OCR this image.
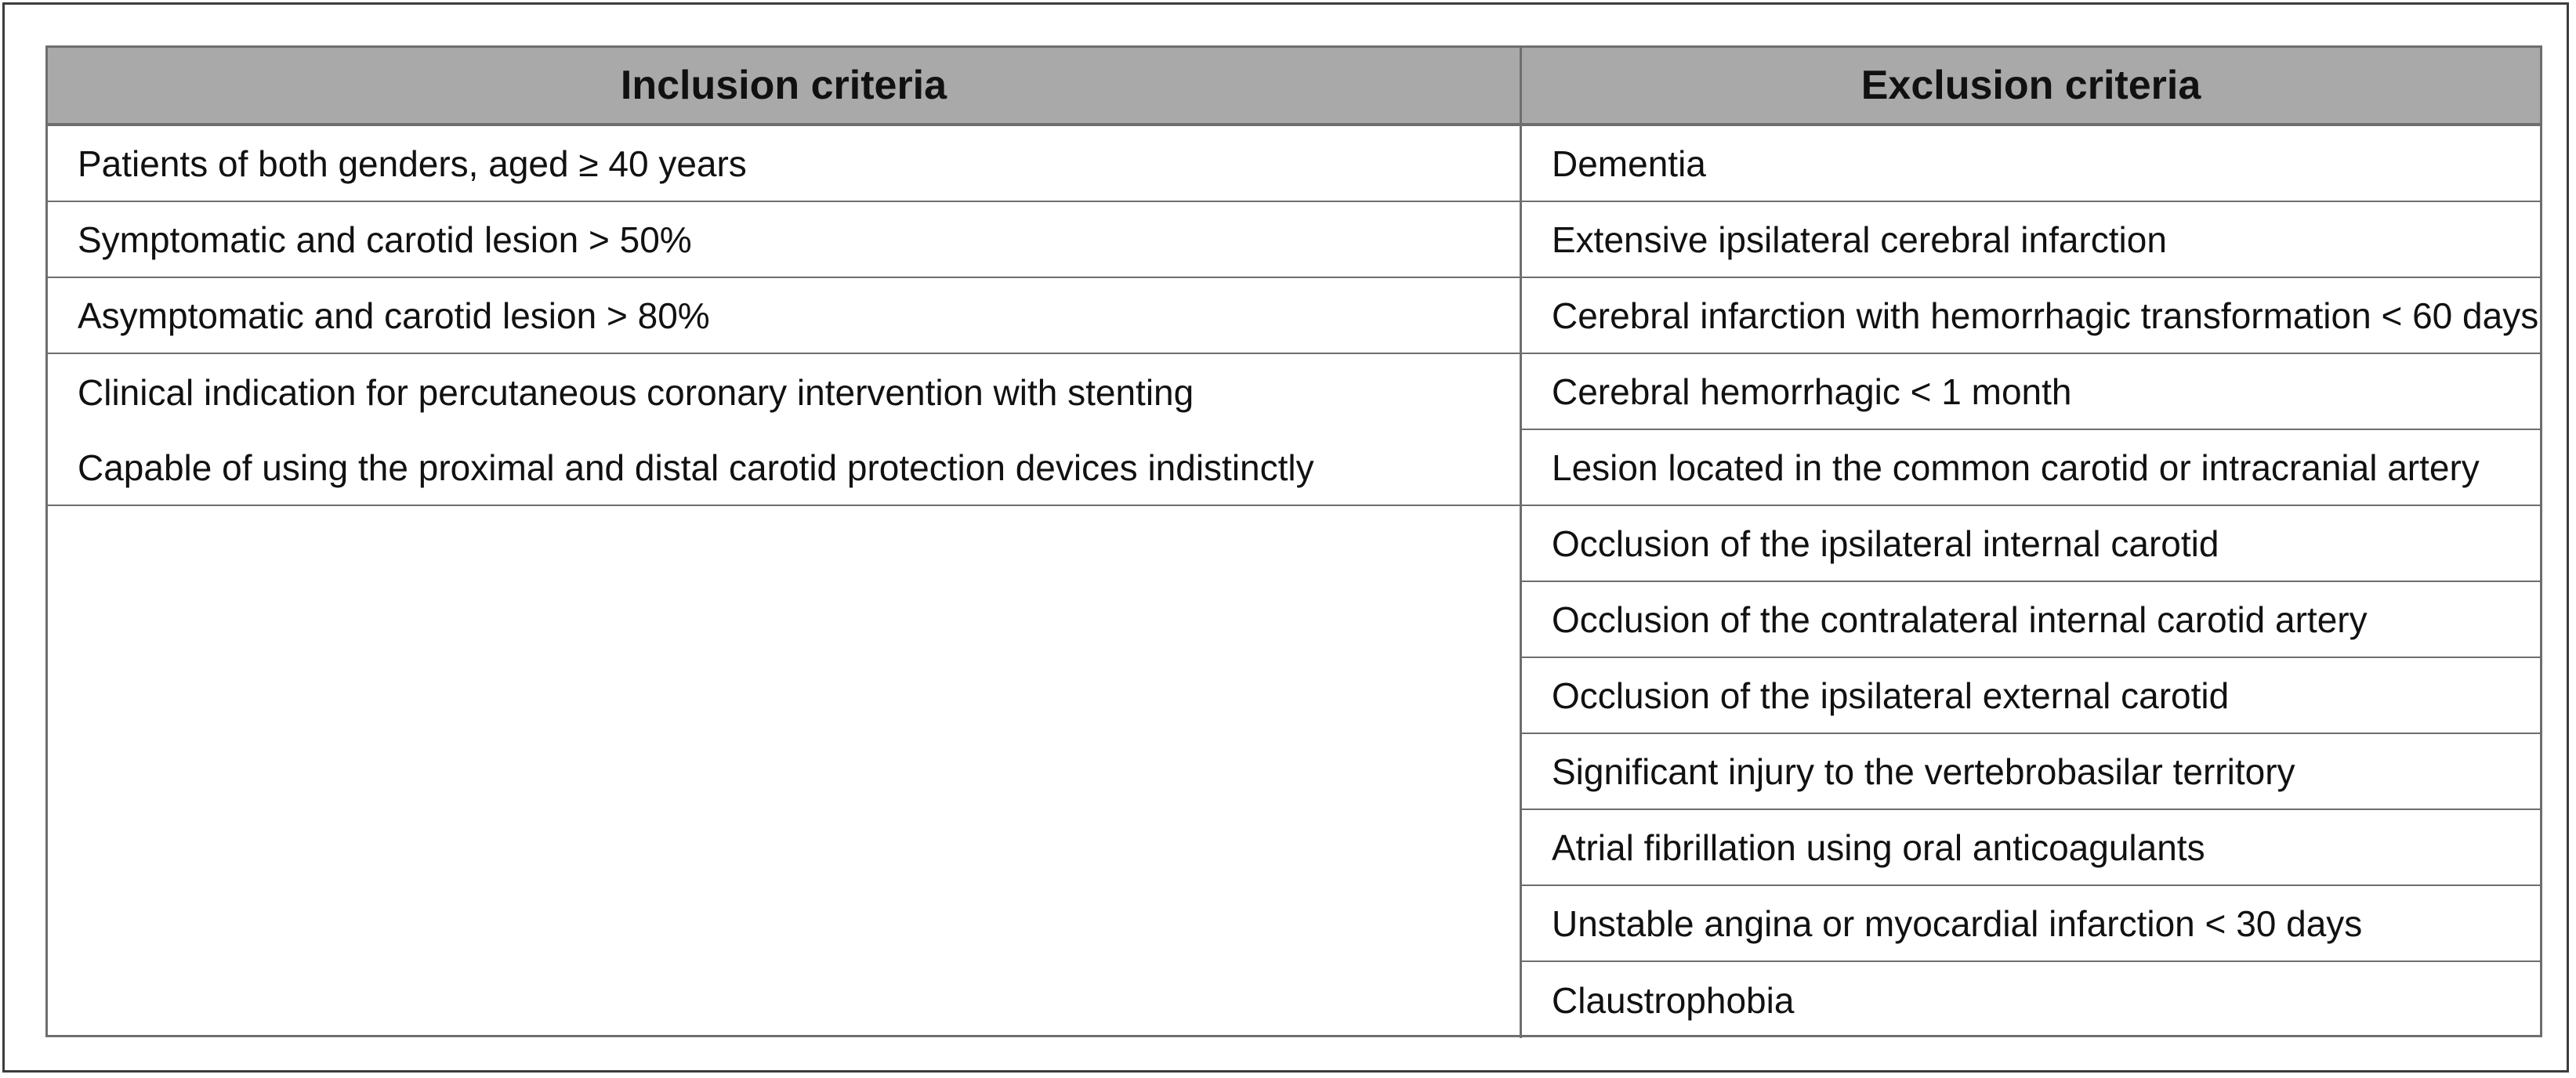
Inclusion criteria	Exclusion criteria
Patients of both genders, aged ≥ 40 years
Symptomatic and carotid lesion > 50%
Asymptomatic and carotid lesion > 80%
Clinical indication for percutaneous coronary intervention with stenting
Capable of using the proximal and distal carotid protection devices indistinctly
Dementia
Extensive ipsilateral cerebral infarction
Cerebral infarction with hemorrhagic transformation < 60 days
Cerebral hemorrhagic < 1 month
Lesion located in the common carotid or intracranial artery
Occlusion of the ipsilateral internal carotid
Occlusion of the contralateral internal carotid artery
Occlusion of the ipsilateral external carotid
Significant injury to the vertebrobasilar territory
Atrial fibrillation using oral anticoagulants
Unstable angina or myocardial infarction < 30 days
Claustrophobia
